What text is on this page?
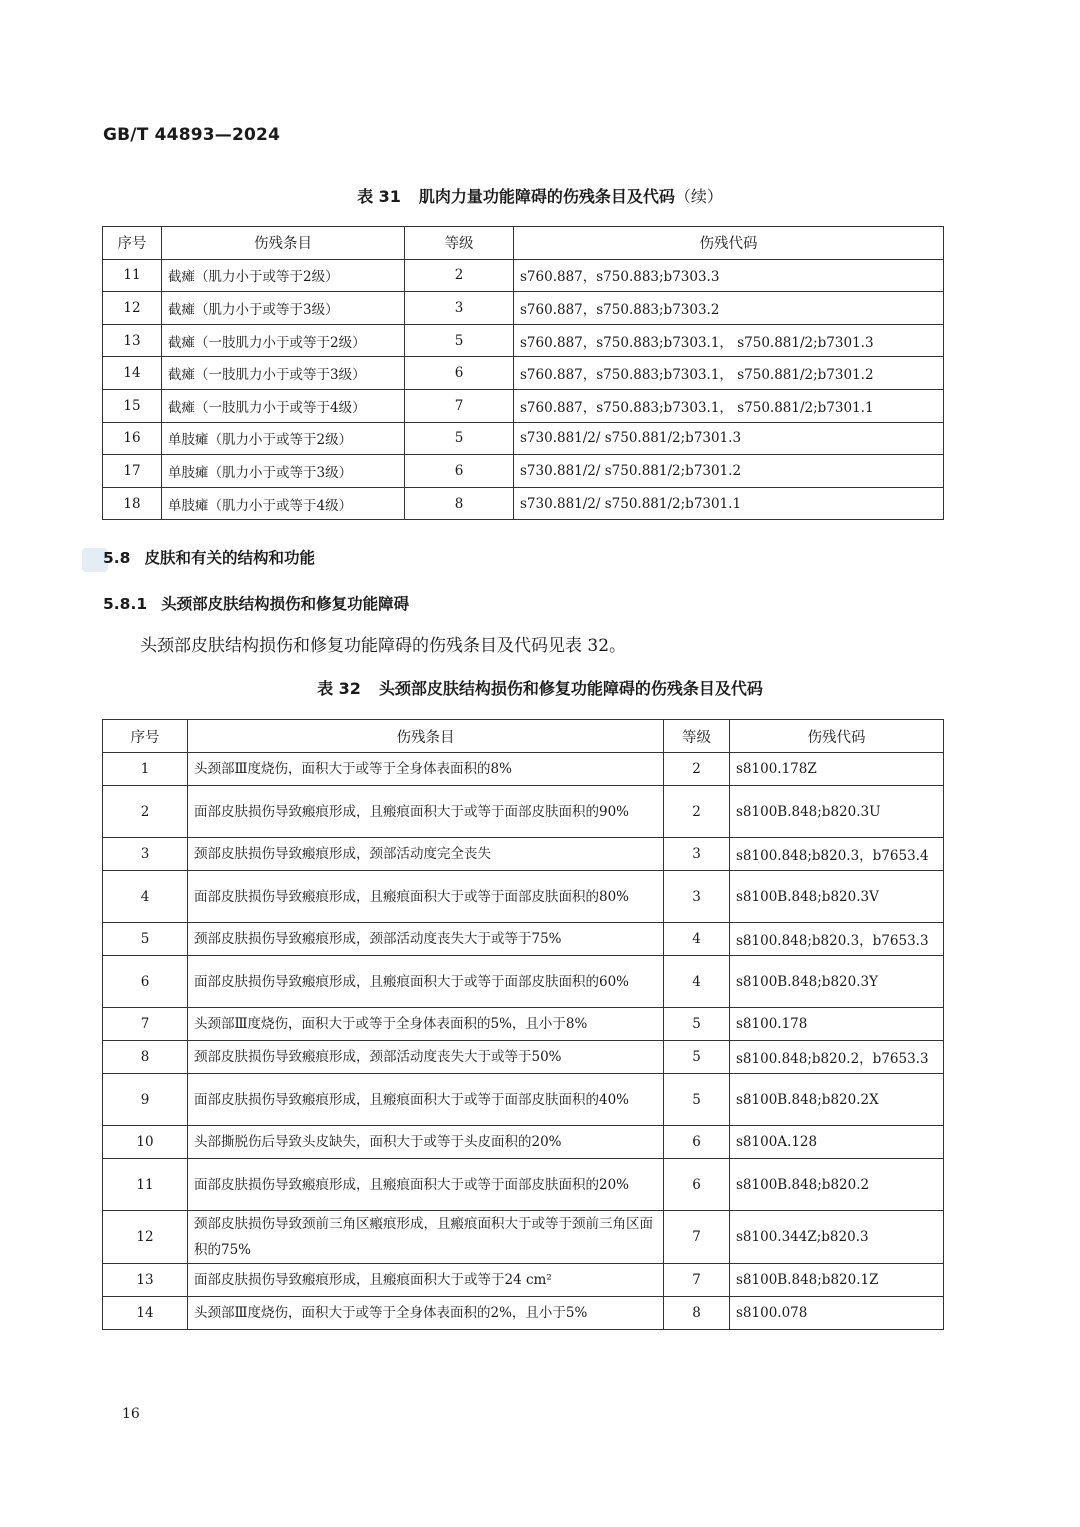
GB/T 44893—2024
表 31 肌肉力量功能障碍的伤残条目及代码（续）
序号	伤残条目	等级	伤残代码
11	截瘫（肌力小于或等于2级）	2	s760.887，s750.883;b7303.3
12	截瘫（肌力小于或等于3级）	3	s760.887，s750.883;b7303.2
13	截瘫（一肢肌力小于或等于2级）	5	s760.887，s750.883;b7303.1， s750.881/2;b7301.3
14	截瘫（一肢肌力小于或等于3级）	6	s760.887，s750.883;b7303.1， s750.881/2;b7301.2
15	截瘫（一肢肌力小于或等于4级）	7	s760.887，s750.883;b7303.1， s750.881/2;b7301.1
16	单肢瘫（肌力小于或等于2级）	5	s730.881/2/ s750.881/2;b7301.3
17	单肢瘫（肌力小于或等于3级）	6	s730.881/2/ s750.881/2;b7301.2
18	单肢瘫（肌力小于或等于4级）	8	s730.881/2/ s750.881/2;b7301.1
5.8 皮肤和有关的结构和功能
5.8.1 头颈部皮肤结构损伤和修复功能障碍
头颈部皮肤结构损伤和修复功能障碍的伤残条目及代码见表 32。
表 32 头颈部皮肤结构损伤和修复功能障碍的伤残条目及代码
序号	伤残条目	等级	伤残代码
1	头颈部Ⅲ度烧伤，面积大于或等于全身体表面积的8%	2	s8100.178Z
2	面部皮肤损伤导致瘢痕形成，且瘢痕面积大于或等于面部皮肤面积的90%	2	s8100B.848;b820.3U
3	颈部皮肤损伤导致瘢痕形成，颈部活动度完全丧失	3	s8100.848;b820.3，b7653.4
4	面部皮肤损伤导致瘢痕形成，且瘢痕面积大于或等于面部皮肤面积的80%	3	s8100B.848;b820.3V
5	颈部皮肤损伤导致瘢痕形成，颈部活动度丧失大于或等于75%	4	s8100.848;b820.3，b7653.3
6	面部皮肤损伤导致瘢痕形成，且瘢痕面积大于或等于面部皮肤面积的60%	4	s8100B.848;b820.3Y
7	头颈部Ⅲ度烧伤，面积大于或等于全身体表面积的5%，且小于8%	5	s8100.178
8	颈部皮肤损伤导致瘢痕形成，颈部活动度丧失大于或等于50%	5	s8100.848;b820.2，b7653.3
9	面部皮肤损伤导致瘢痕形成，且瘢痕面积大于或等于面部皮肤面积的40%	5	s8100B.848;b820.2X
10	头部撕脱伤后导致头皮缺失，面积大于或等于头皮面积的20%	6	s8100A.128
11	面部皮肤损伤导致瘢痕形成，且瘢痕面积大于或等于面部皮肤面积的20%	6	s8100B.848;b820.2
12	颈部皮肤损伤导致颈前三角区瘢痕形成，且瘢痕面积大于或等于颈前三角区面积的75%	7	s8100.344Z;b820.3
13	面部皮肤损伤导致瘢痕形成，且瘢痕面积大于或等于24 cm²	7	s8100B.848;b820.1Z
14	头颈部Ⅲ度烧伤，面积大于或等于全身体表面积的2%，且小于5%	8	s8100.078
16
